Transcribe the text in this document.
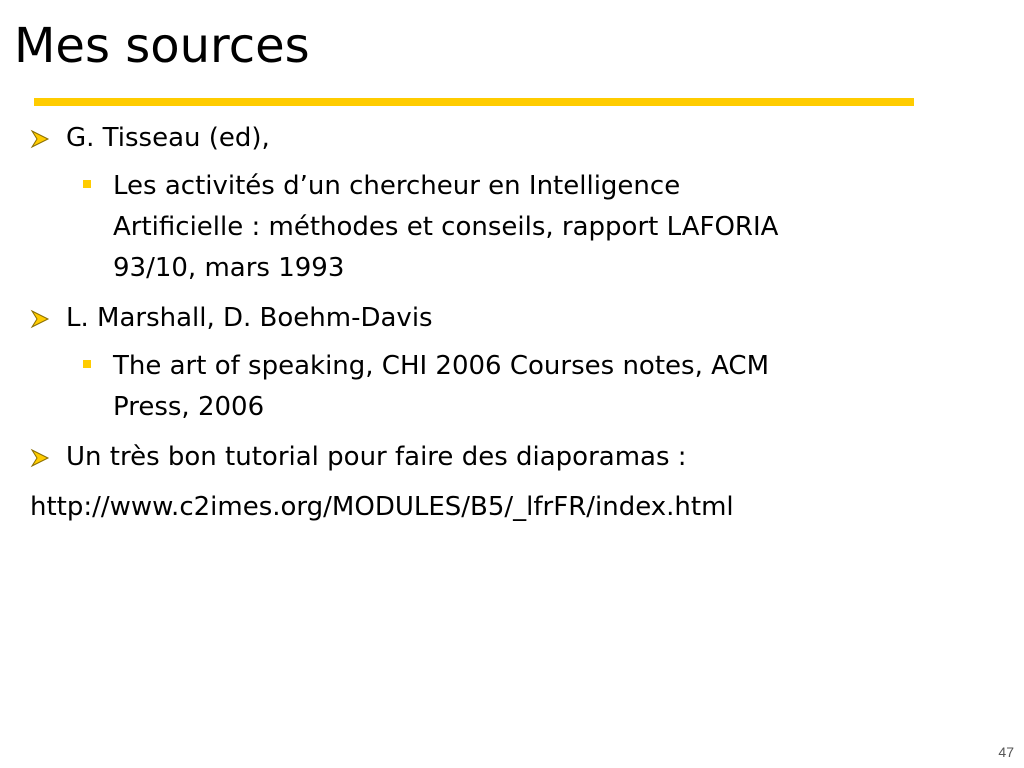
Mes sources
G. Tisseau (ed),
Les activités d’un chercheur en Intelligence
Artificielle : méthodes et conseils, rapport LAFORIA
93/10, mars 1993
L. Marshall, D. Boehm-Davis
The art of speaking, CHI 2006 Courses notes, ACM
Press, 2006
Un très bon tutorial pour faire des diaporamas :
http://www.c2imes.org/MODULES/B5/_lfrFR/index.html
47
